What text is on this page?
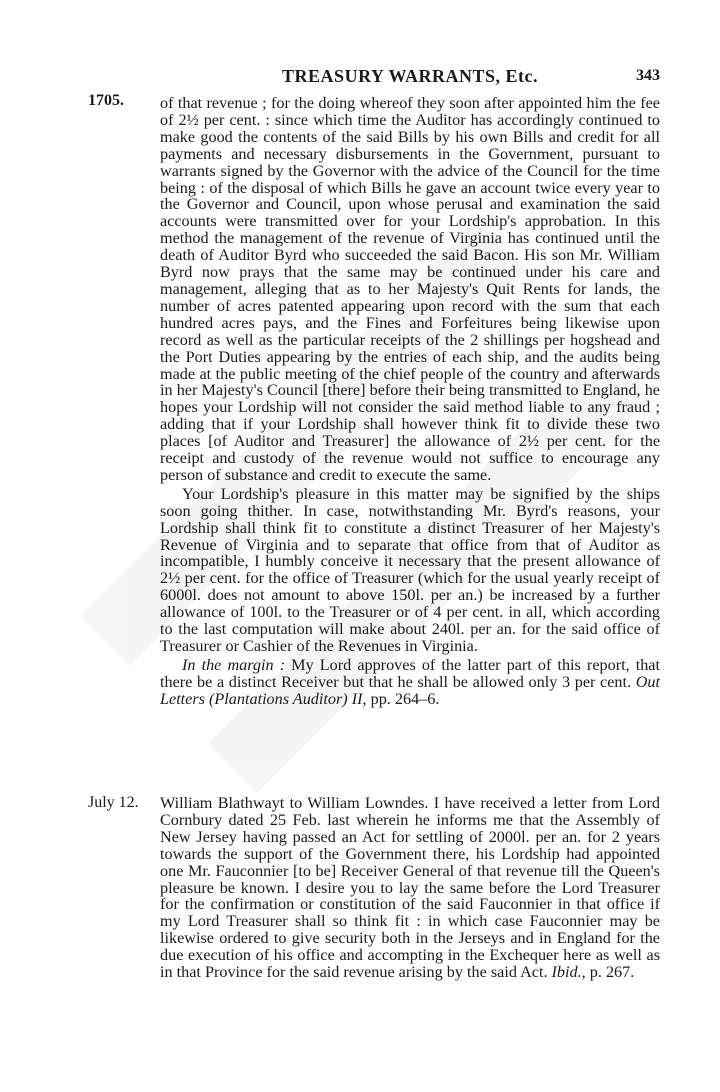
TREASURY WARRANTS, Etc.	343
1705. of that revenue ; for the doing whereof they soon after appointed him the fee of 2½ per cent. : since which time the Auditor has accordingly continued to make good the contents of the said Bills by his own Bills and credit for all payments and necessary disbursements in the Government, pursuant to warrants signed by the Governor with the advice of the Council for the time being : of the disposal of which Bills he gave an account twice every year to the Governor and Council, upon whose perusal and examination the said accounts were transmitted over for your Lordship's approbation. In this method the management of the revenue of Virginia has continued until the death of Auditor Byrd who succeeded the said Bacon. His son Mr. William Byrd now prays that the same may be continued under his care and management, alleging that as to her Majesty's Quit Rents for lands, the number of acres patented appearing upon record with the sum that each hundred acres pays, and the Fines and Forfeitures being likewise upon record as well as the particular receipts of the 2 shillings per hogshead and the Port Duties appearing by the entries of each ship, and the audits being made at the public meeting of the chief people of the country and afterwards in her Majesty's Council [there] before their being transmitted to England, he hopes your Lordship will not consider the said method liable to any fraud ; adding that if your Lordship shall however think fit to divide these two places [of Auditor and Treasurer] the allowance of 2½ per cent. for the receipt and custody of the revenue would not suffice to encourage any person of substance and credit to execute the same.

Your Lordship's pleasure in this matter may be signified by the ships soon going thither. In case, notwithstanding Mr. Byrd's reasons, your Lordship shall think fit to constitute a distinct Treasurer of her Majesty's Revenue of Virginia and to separate that office from that of Auditor as incompatible, I humbly conceive it necessary that the present allowance of 2½ per cent. for the office of Treasurer (which for the usual yearly receipt of 6000l. does not amount to above 150l. per an.) be increased by a further allowance of 100l. to the Treasurer or of 4 per cent. in all, which according to the last computation will make about 240l. per an. for the said office of Treasurer or Cashier of the Revenues in Virginia.

In the margin : My Lord approves of the latter part of this report, that there be a distinct Receiver but that he shall be allowed only 3 per cent. Out Letters (Plantations Auditor) II, pp. 264–6.

July 12. William Blathwayt to William Lowndes. I have received a letter from Lord Cornbury dated 25 Feb. last wherein he informs me that the Assembly of New Jersey having passed an Act for settling of 2000l. per an. for 2 years towards the support of the Government there, his Lordship had appointed one Mr. Fauconnier [to be] Receiver General of that revenue till the Queen's pleasure be known. I desire you to lay the same before the Lord Treasurer for the confirmation or constitution of the said Fauconnier in that office if my Lord Treasurer shall so think fit : in which case Fauconnier may be likewise ordered to give security both in the Jerseys and in England for the due execution of his office and accompting in the Exchequer here as well as in that Province for the said revenue arising by the said Act. Ibid., p. 267.
